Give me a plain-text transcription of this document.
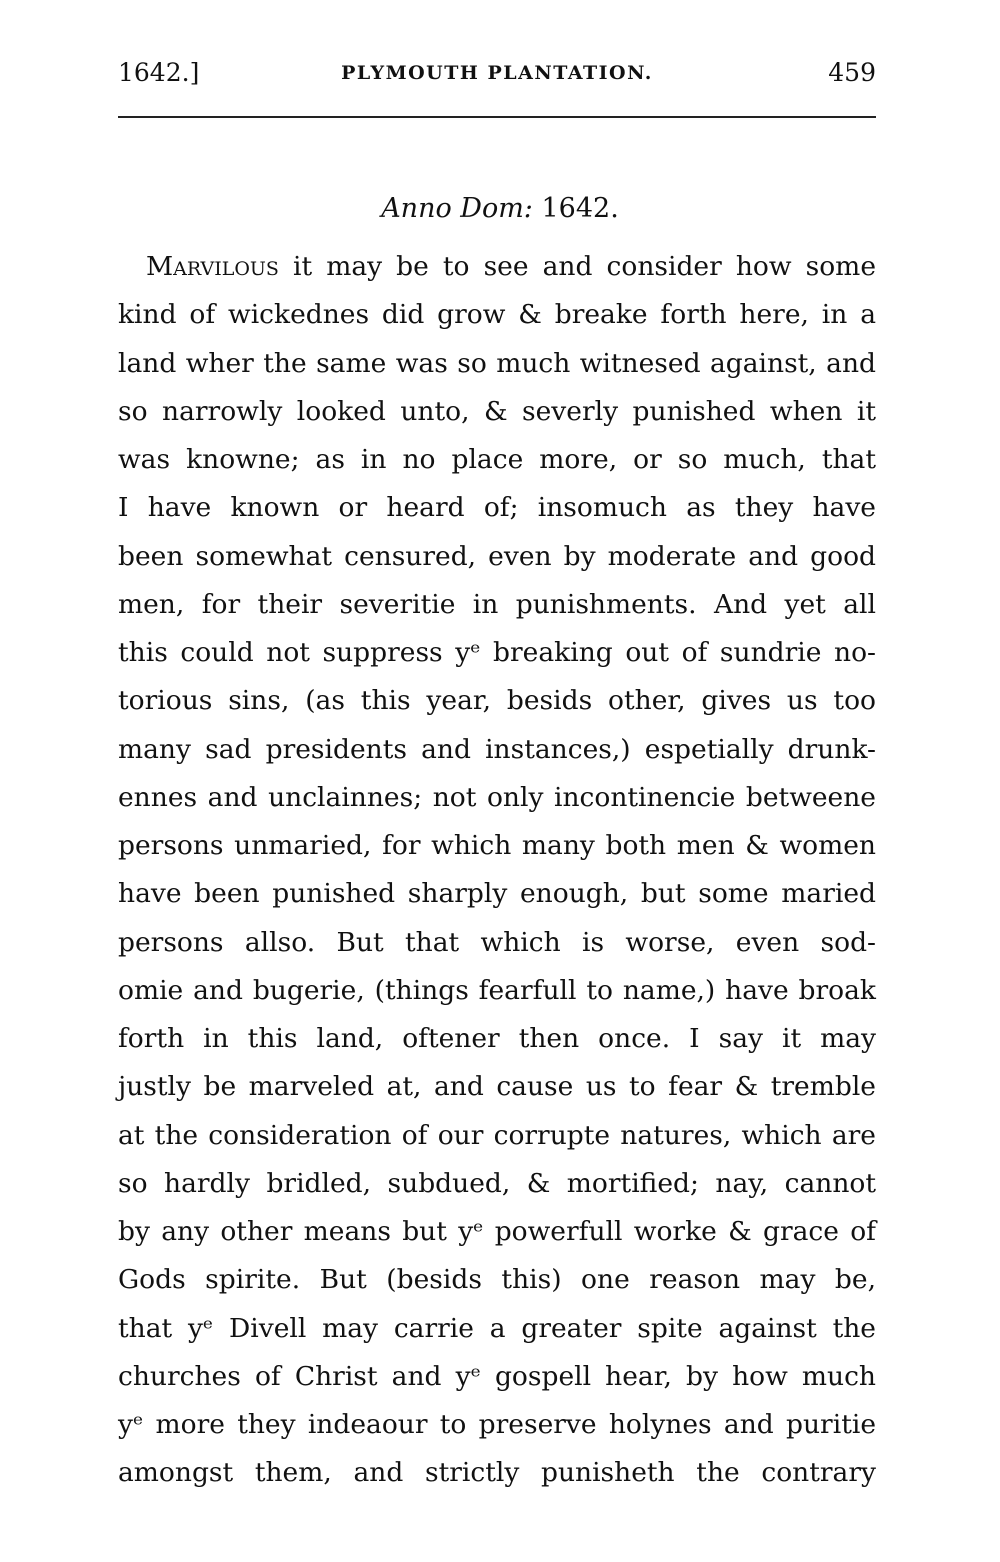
1642.]	PLYMOUTH PLANTATION.	459
Anno Dom: 1642.
Marvilous it may be to see and consider how some
kind of wickednes did grow & breake forth here, in a
land wher the same was so much witnesed against, and
so narrowly looked unto, & severly punished when it
was knowne; as in no place more, or so much, that
I have known or heard of; insomuch as they have
been somewhat censured, even by moderate and good
men, for their severitie in punishments. And yet all
this could not suppress yᵉ breaking out of sundrie no-
torious sins, (as this year, besids other, gives us too
many sad presidents and instances,) espetially drunk-
ennes and unclainnes; not only incontinencie betweene
persons unmaried, for which many both men & women
have been punished sharply enough, but some maried
persons allso. But that which is worse, even sod-
omie and bugerie, (things fearfull to name,) have broak
forth in this land, oftener then once. I say it may
justly be marveled at, and cause us to fear & tremble
at the consideration of our corrupte natures, which are
so hardly bridled, subdued, & mortified; nay, cannot
by any other means but yᵉ powerfull worke & grace of
Gods spirite. But (besids this) one reason may be,
that yᵉ Divell may carrie a greater spite against the
churches of Christ and yᵉ gospell hear, by how much
yᵉ more they indeaour to preserve holynes and puritie
amongst them, and strictly punisheth the contrary
